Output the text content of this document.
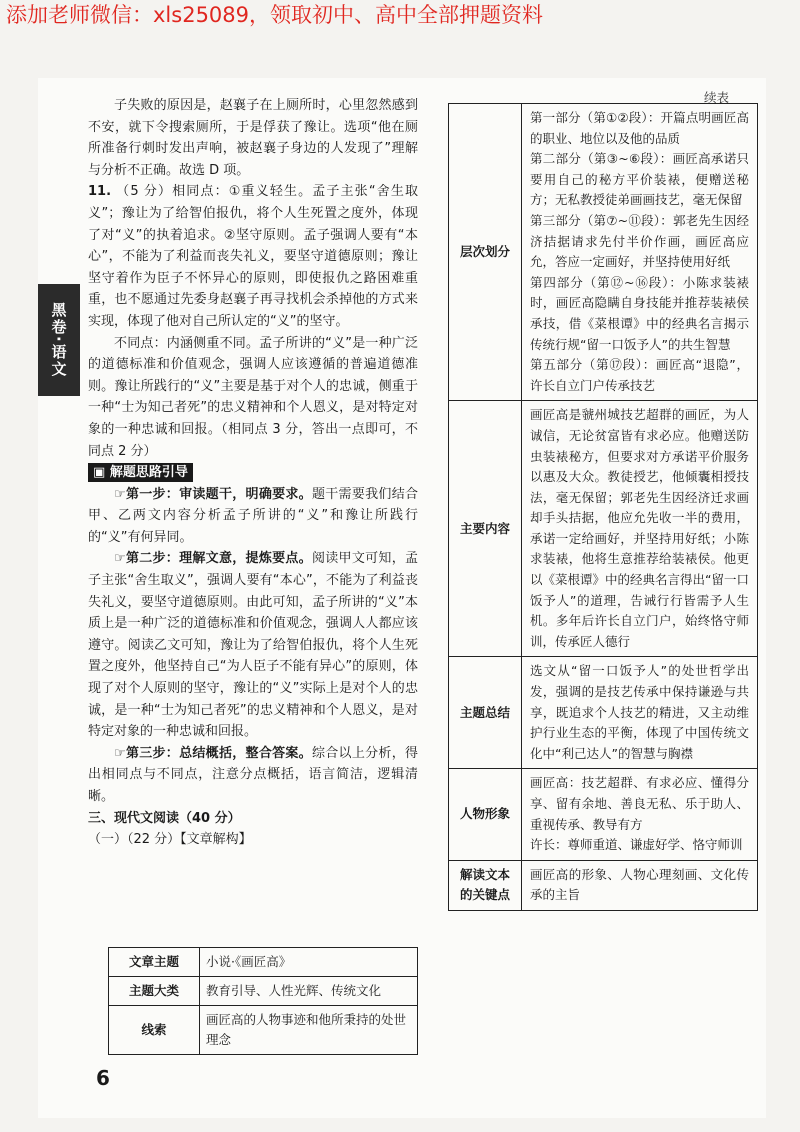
添加老师微信：xls25089，领取初中、高中全部押题资料
黑卷·语文
续表

子失败的原因是，赵襄子在上厕所时，心里忽然感到不安，就下令搜索厕所，于是俘获了豫让。选项“他在厕所准备行刺时发出声响，被赵襄子身边的人发现了”理解与分析不正确。故选 D 项。

11. （5 分）相同点：①重义轻生。孟子主张“舍生取义”；豫让为了给智伯报仇，将个人生死置之度外，体现了对“义”的执着追求。②坚守原则。孟子强调人要有“本心”，不能为了利益而丧失礼义，要坚守道德原则；豫让坚守着作为臣子不怀异心的原则，即使报仇之路困难重重，也不愿通过先委身赵襄子再寻找机会杀掉他的方式来实现，体现了他对自己所认定的“义”的坚守。

不同点：内涵侧重不同。孟子所讲的“义”是一种广泛的道德标准和价值观念，强调人应该遵循的普遍道德准则。豫让所践行的“义”主要是基于对个人的忠诚，侧重于一种“士为知己者死”的忠义精神和个人恩义，是对特定对象的一种忠诚和回报。（相同点 3 分，答出一点即可，不同点 2 分）

▣ 解题思路引导

☞第一步：审读题干，明确要求。题干需要我们结合甲、乙两文内容分析孟子所讲的“义”和豫让所践行的“义”有何异同。

☞第二步：理解文意，提炼要点。阅读甲文可知，孟子主张“舍生取义”，强调人要有“本心”，不能为了利益丧失礼义，要坚守道德原则。由此可知，孟子所讲的“义”本质上是一种广泛的道德标准和价值观念，强调人人都应该遵守。阅读乙文可知，豫让为了给智伯报仇，将个人生死置之度外，他坚持自己“为人臣子不能有异心”的原则，体现了对个人原则的坚守，豫让的“义”实际上是对个人的忠诚，是一种“士为知己者死”的忠义精神和个人恩义，是对特定对象的一种忠诚和回报。

☞第三步：总结概括，整合答案。综合以上分析，得出相同点与不同点，注意分点概括，语言简洁，逻辑清晰。

三、现代文阅读（40 分）

（一）（22 分）【文章解构】

文章主题	小说·《画匠高》
主题大类	教育引导、人性光辉、传统文化
线索	画匠高的人物事迹和他所秉持的处世理念
层次划分	第一部分（第①②段）：开篇点明画匠高的职业、地位以及他的品质
第二部分（第③~⑥段）：画匠高承诺只要用自己的秘方平价装裱，便赠送秘方；无私教授徒弟画画技艺，毫无保留
第三部分（第⑦~⑪段）：郭老先生因经济拮据请求先付半价作画，画匠高应允，答应一定画好，并坚持使用好纸
第四部分（第⑫~⑯段）：小陈求装裱时，画匠高隐瞒自身技能并推荐装裱侯承技，借《菜根谭》中的经典名言揭示传统行规“留一口饭予人”的共生智慧
第五部分（第⑰段）：画匠高“退隐”，许长自立门户传承技艺
主要内容	画匠高是虢州城技艺超群的画匠，为人诚信，无论贫富皆有求必应。他赠送防虫装裱秘方，但要求对方承诺平价服务以惠及大众。教徒授艺，他倾囊相授技法，毫无保留；郭老先生因经济迁求画却手头拮据，他应允先收一半的费用，承诺一定给画好，并坚持用好纸；小陈求装裱，他将生意推荐给装裱侯。他更以《菜根谭》中的经典名言得出“留一口饭予人”的道理，告诫行行皆需予人生机。多年后许长自立门户，始终恪守师训，传承匠人德行
主题总结	选文从“留一口饭予人”的处世哲学出发，强调的是技艺传承中保持谦逊与共享，既追求个人技艺的精进，又主动维护行业生态的平衡，体现了中国传统文化中“利己达人”的智慧与胸襟
人物形象	画匠高：技艺超群、有求必应、懂得分享、留有余地、善良无私、乐于助人、重视传承、教导有方
许长：尊师重道、谦虚好学、恪守师训
解读文本的关键点	画匠高的形象、人物心理刻画、文化传承的主旨
6
